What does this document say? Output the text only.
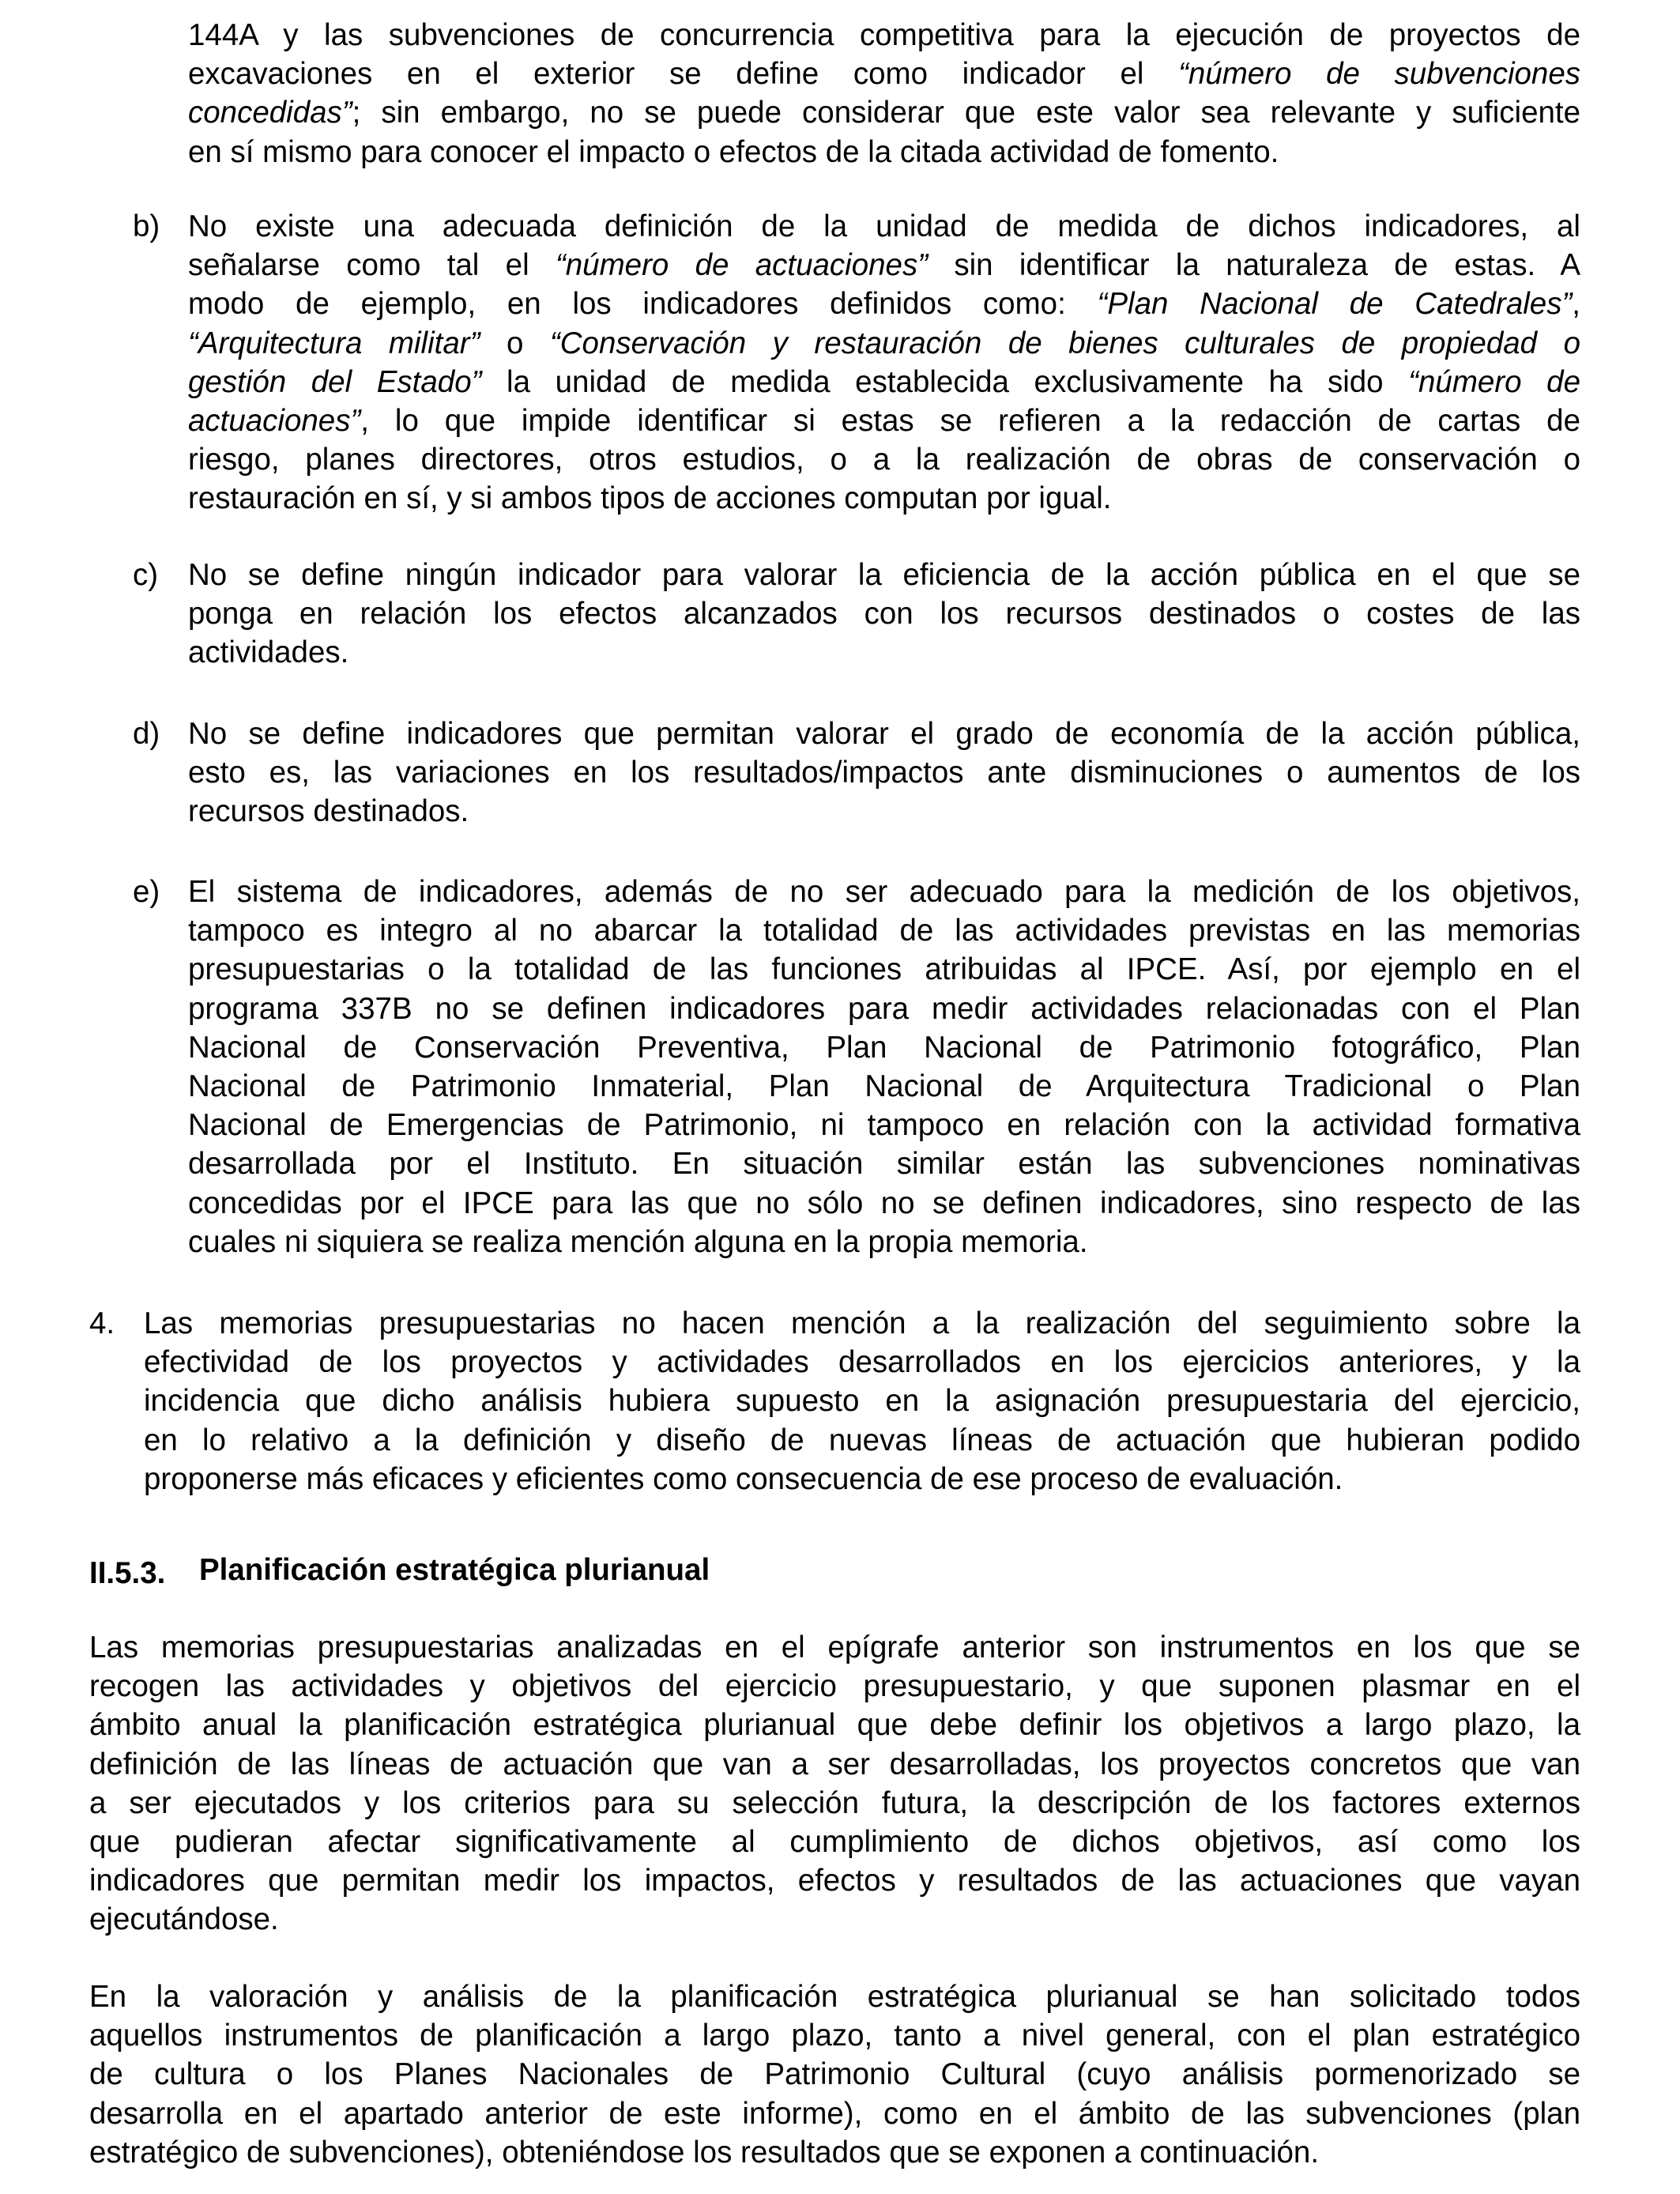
144A y las subvenciones de concurrencia competitiva para la ejecución de proyectos de
excavaciones en el exterior se define como indicador el “número de subvenciones
concedidas”; sin embargo, no se puede considerar que este valor sea relevante y suficiente
en sí mismo para conocer el impacto o efectos de la citada actividad de fomento.
b) No existe una adecuada definición de la unidad de medida de dichos indicadores, al
señalarse como tal el “número de actuaciones” sin identificar la naturaleza de estas. A
modo de ejemplo, en los indicadores definidos como: “Plan Nacional de Catedrales”,
“Arquitectura militar” o “Conservación y restauración de bienes culturales de propiedad o
gestión del Estado” la unidad de medida establecida exclusivamente ha sido “número de
actuaciones”, lo que impide identificar si estas se refieren a la redacción de cartas de
riesgo, planes directores, otros estudios, o a la realización de obras de conservación o
restauración en sí, y si ambos tipos de acciones computan por igual.
c) No se define ningún indicador para valorar la eficiencia de la acción pública en el que se
ponga en relación los efectos alcanzados con los recursos destinados o costes de las
actividades.
d) No se define indicadores que permitan valorar el grado de economía de la acción pública,
esto es, las variaciones en los resultados/impactos ante disminuciones o aumentos de los
recursos destinados.
e) El sistema de indicadores, además de no ser adecuado para la medición de los objetivos,
tampoco es integro al no abarcar la totalidad de las actividades previstas en las memorias
presupuestarias o la totalidad de las funciones atribuidas al IPCE. Así, por ejemplo en el
programa 337B no se definen indicadores para medir actividades relacionadas con el Plan
Nacional de Conservación Preventiva, Plan Nacional de Patrimonio fotográfico, Plan
Nacional de Patrimonio Inmaterial, Plan Nacional de Arquitectura Tradicional o Plan
Nacional de Emergencias de Patrimonio, ni tampoco en relación con la actividad formativa
desarrollada por el Instituto. En situación similar están las subvenciones nominativas
concedidas por el IPCE para las que no sólo no se definen indicadores, sino respecto de las
cuales ni siquiera se realiza mención alguna en la propia memoria.
4. Las memorias presupuestarias no hacen mención a la realización del seguimiento sobre la
efectividad de los proyectos y actividades desarrollados en los ejercicios anteriores, y la
incidencia que dicho análisis hubiera supuesto en la asignación presupuestaria del ejercicio,
en lo relativo a la definición y diseño de nuevas líneas de actuación que hubieran podido
proponerse más eficaces y eficientes como consecuencia de ese proceso de evaluación.
II.5.3. Planificación estratégica plurianual
Las memorias presupuestarias analizadas en el epígrafe anterior son instrumentos en los que se
recogen las actividades y objetivos del ejercicio presupuestario, y que suponen plasmar en el
ámbito anual la planificación estratégica plurianual que debe definir los objetivos a largo plazo, la
definición de las líneas de actuación que van a ser desarrolladas, los proyectos concretos que van
a ser ejecutados y los criterios para su selección futura, la descripción de los factores externos
que pudieran afectar significativamente al cumplimiento de dichos objetivos, así como los
indicadores que permitan medir los impactos, efectos y resultados de las actuaciones que vayan
ejecutándose.
En la valoración y análisis de la planificación estratégica plurianual se han solicitado todos
aquellos instrumentos de planificación a largo plazo, tanto a nivel general, con el plan estratégico
de cultura o los Planes Nacionales de Patrimonio Cultural (cuyo análisis pormenorizado se
desarrolla en el apartado anterior de este informe), como en el ámbito de las subvenciones (plan
estratégico de subvenciones), obteniéndose los resultados que se exponen a continuación.
